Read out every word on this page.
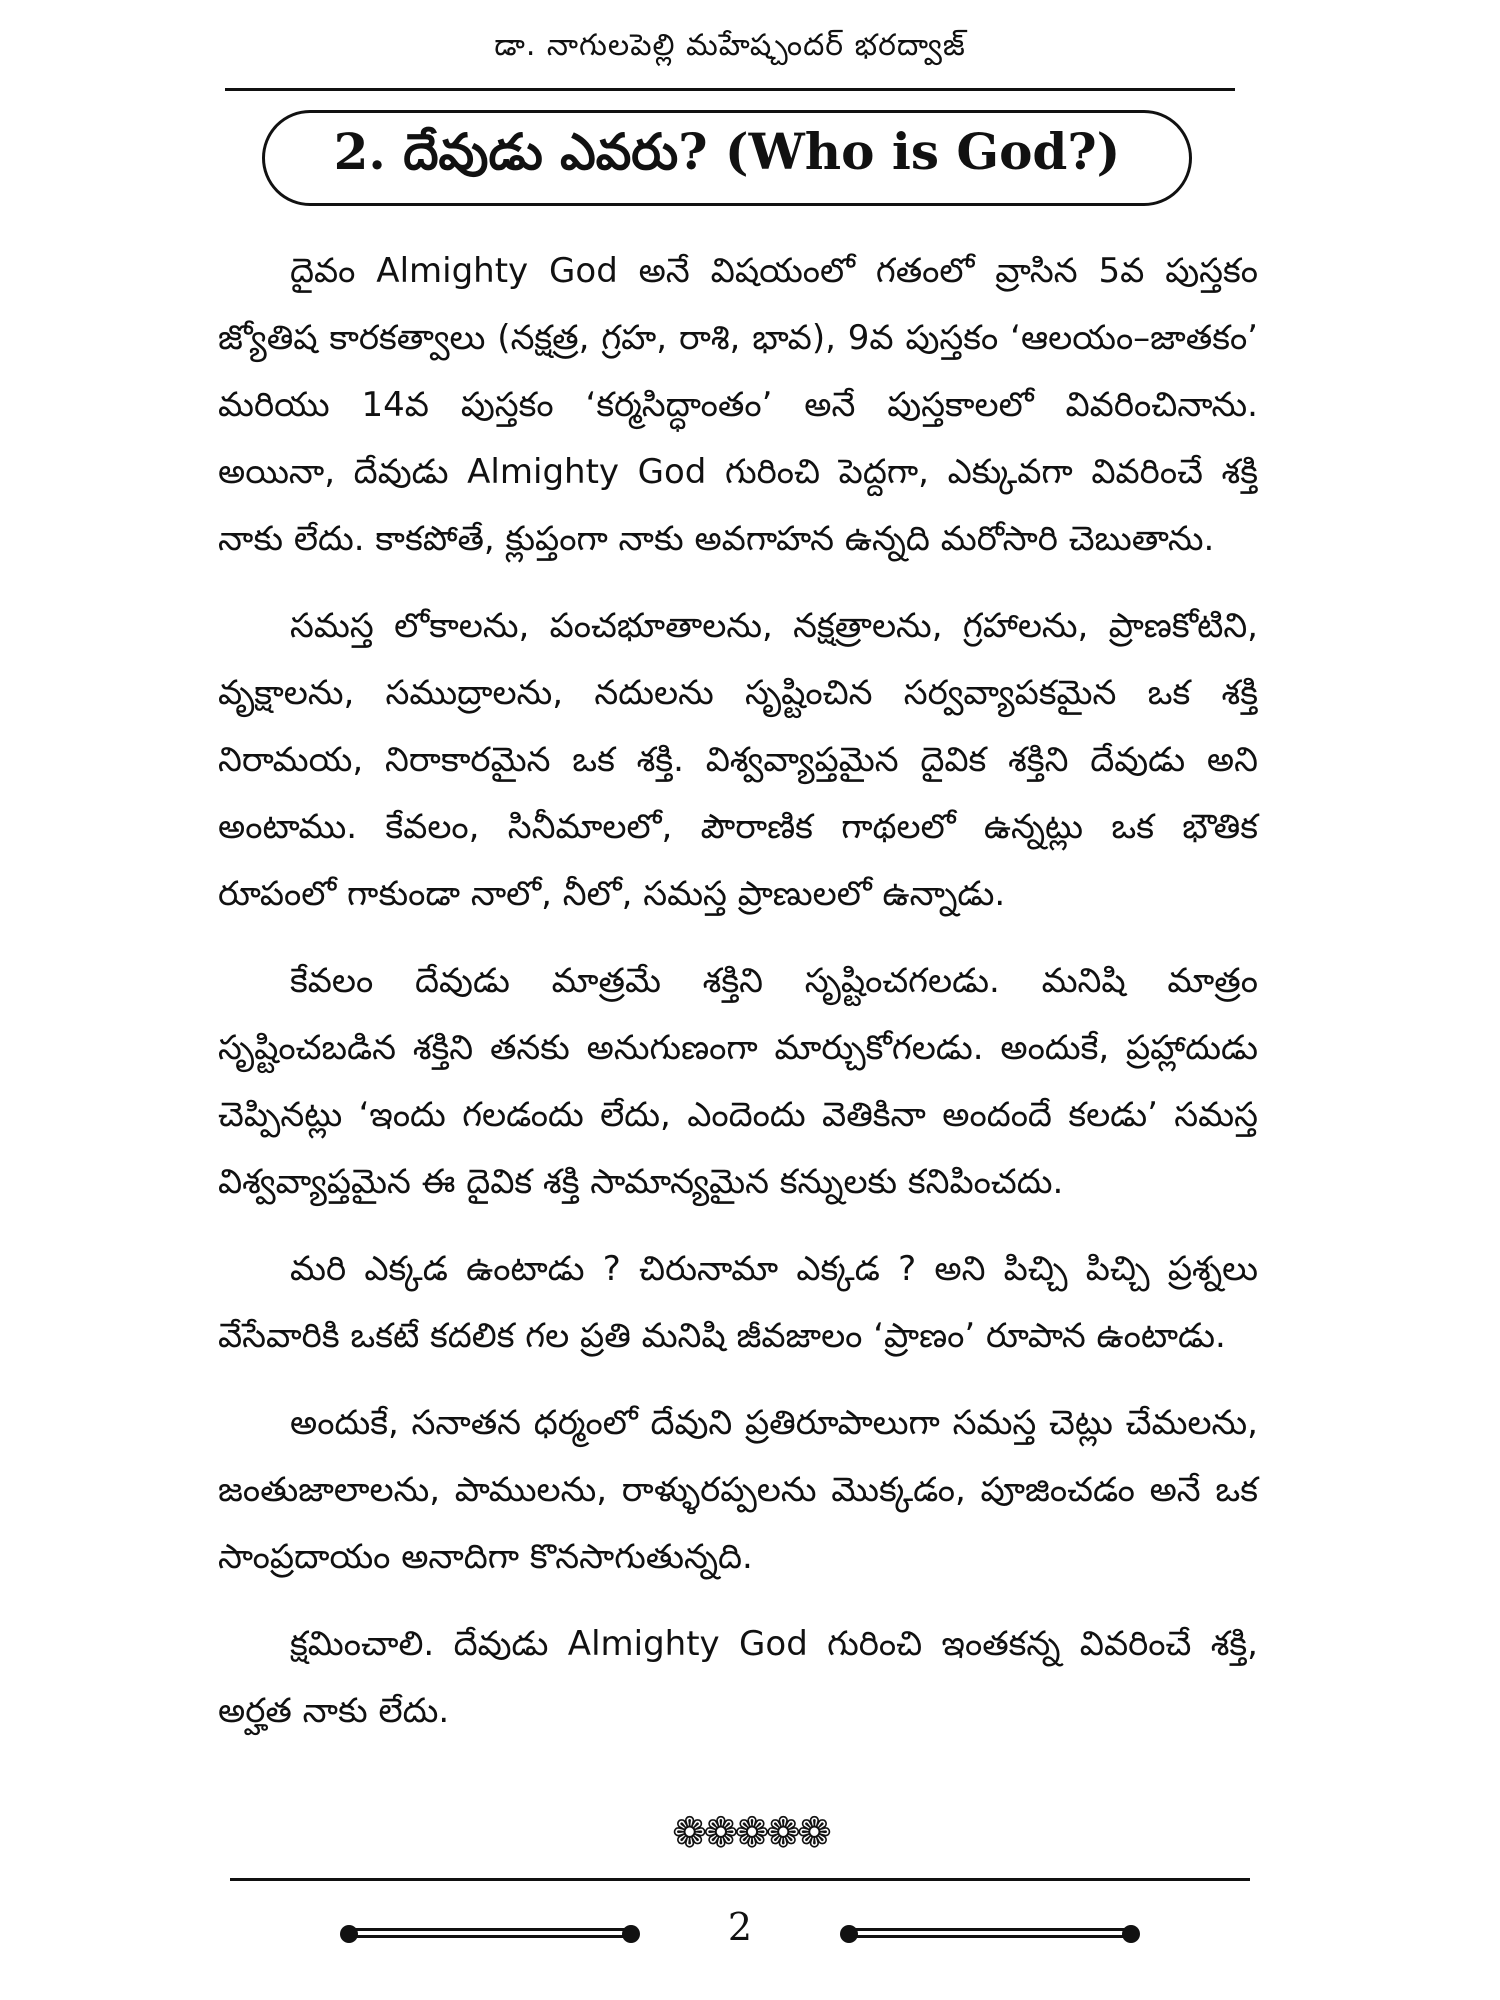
డా. నాగులపెల్లి మహేష్చందర్ భరద్వాజ్
2. దేవుడు ఎవరు? (Who is God?)

దైవం Almighty God అనే విషయంలో గతంలో వ్రాసిన 5వ పుస్తకం జ్యోతిష కారకత్వాలు (నక్షత్ర, గ్రహ, రాశి, భావ), 9వ పుస్తకం ‘ఆలయం–జాతకం’ మరియు 14వ పుస్తకం ‘కర్మసిద్ధాంతం’ అనే పుస్తకాలలో వివరించినాను. అయినా, దేవుడు Almighty God గురించి పెద్దగా, ఎక్కువగా వివరించే శక్తి నాకు లేదు. కాకపోతే, క్లుప్తంగా నాకు అవగాహన ఉన్నది మరోసారి చెబుతాను.

సమస్త లోకాలను, పంచభూతాలను, నక్షత్రాలను, గ్రహాలను, ప్రాణకోటిని, వృక్షాలను, సముద్రాలను, నదులను సృష్టించిన సర్వవ్యాపకమైన ఒక శక్తి నిరామయ, నిరాకారమైన ఒక శక్తి. విశ్వవ్యాప్తమైన దైవిక శక్తిని దేవుడు అని అంటాము. కేవలం, సినీమాలలో, పౌరాణిక గాథలలో ఉన్నట్లు ఒక భౌతిక రూపంలో గాకుండా నాలో, నీలో, సమస్త ప్రాణులలో ఉన్నాడు.

కేవలం దేవుడు మాత్రమే శక్తిని సృష్టించగలడు. మనిషి మాత్రం సృష్టించబడిన శక్తిని తనకు అనుగుణంగా మార్చుకోగలడు. అందుకే, ప్రహ్లాదుడు చెప్పినట్లు ‘ఇందు గలడందు లేదు, ఎందెందు వెతికినా అందందే కలడు’ సమస్త విశ్వవ్యాప్తమైన ఈ దైవిక శక్తి సామాన్యమైన కన్నులకు కనిపించదు.

మరి ఎక్కడ ఉంటాడు ? చిరునామా ఎక్కడ ? అని పిచ్చి పిచ్చి ప్రశ్నలు వేసేవారికి ఒకటే కదలిక గల ప్రతి మనిషి జీవజాలం ‘ప్రాణం’ రూపాన ఉంటాడు.

అందుకే, సనాతన ధర్మంలో దేవుని ప్రతిరూపాలుగా సమస్త చెట్లు చేమలను, జంతుజాలాలను, పాములను, రాళ్ళురప్పలను మొక్కడం, పూజించడం అనే ఒక సాంప్రదాయం అనాదిగా కొనసాగుతున్నది.

క్షమించాలి. దేవుడు Almighty God గురించి ఇంతకన్న వివరించే శక్తి, అర్హత నాకు లేదు.

❁❁❁❁❁
2
